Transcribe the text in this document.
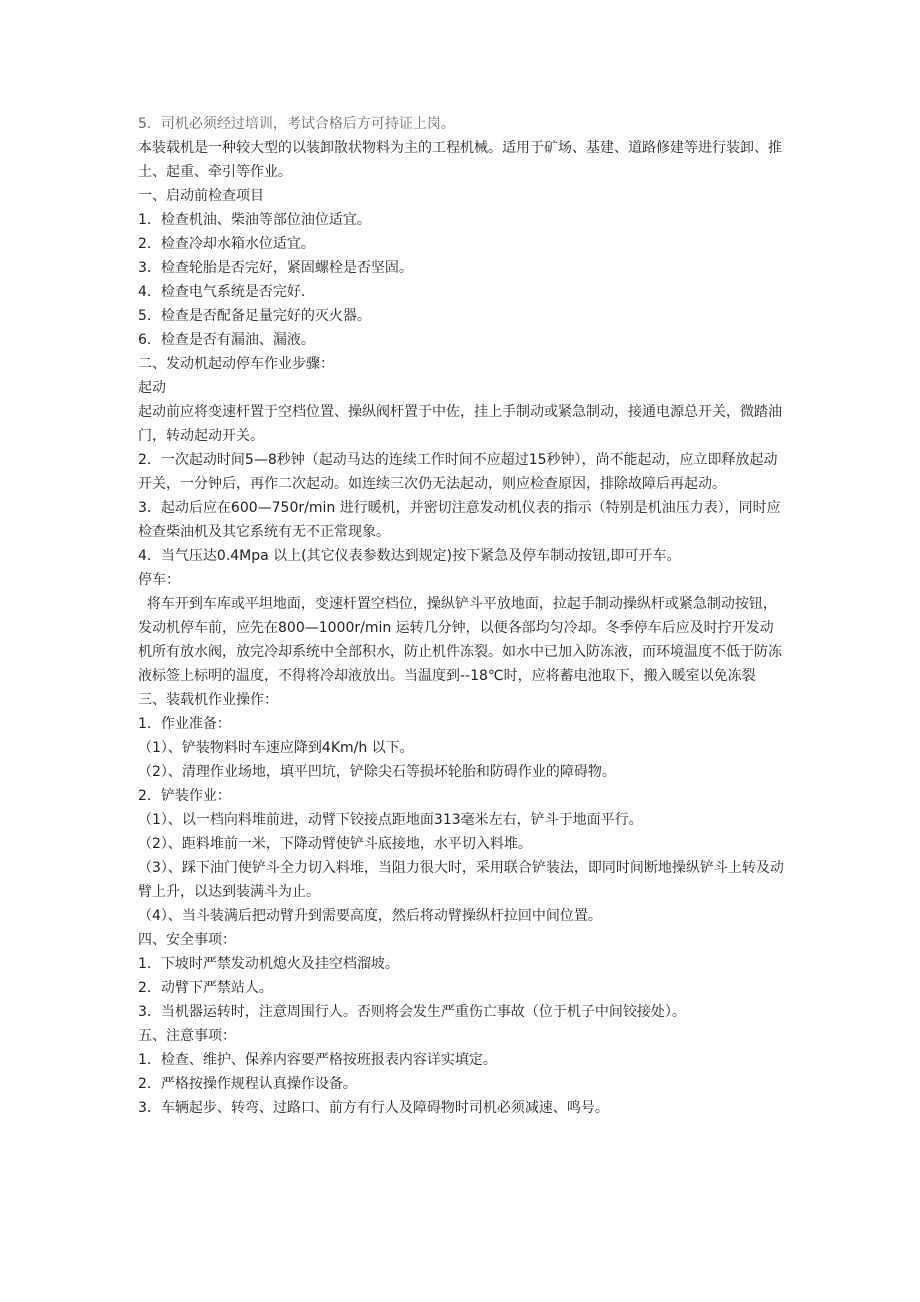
5．司机必须经过培训，考试合格后方可持证上岗。

本装载机是一种较大型的以装卸散状物料为主的工程机械。适用于矿场、基建、道路修建等进行装卸、推土、起重、牵引等作业。

一、启动前检查项目

1．检查机油、柴油等部位油位适宜。

2．检查冷却水箱水位适宜。

3．检查轮胎是否完好，紧固螺栓是否坚固。

4．检查电气系统是否完好.

5．检查是否配备足量完好的灭火器。

6．检查是否有漏油、漏液。

二、发动机起动停车作业步骤：

起动

起动前应将变速杆置于空档位置、操纵阀杆置于中佐，挂上手制动或紧急制动，接通电源总开关，微踏油门，转动起动开关。

2．一次起动时间5—8秒钟（起动马达的连续工作时间不应超过15秒钟），尚不能起动，应立即释放起动开关，一分钟后，再作二次起动。如连续三次仍无法起动，则应检查原因，排除故障后再起动。

3．起动后应在600—750r/min 进行暖机，并密切注意发动机仪表的指示（特别是机油压力表），同时应检查柴油机及其它系统有无不正常现象。

4．当气压达0.4Mpa 以上(其它仪表参数达到规定)按下紧急及停车制动按钮,即可开车。

停车：

将车开到车库或平坦地面，变速杆置空档位，操纵铲斗平放地面，拉起手制动操纵杆或紧急制动按钮，发动机停车前，应先在800—1000r/min 运转几分钟，以便各部均匀冷却。冬季停车后应及时拧开发动机所有放水阀，放完冷却系统中全部积水，防止机件冻裂。如水中已加入防冻液，而环境温度不低于防冻液标签上标明的温度，不得将冷却液放出。当温度到--18℃时，应将蓄电池取下，搬入暖室以免冻裂

三、装载机作业操作：

1．作业准备：

（1）、铲装物料时车速应降到4Km/h 以下。

（2）、清理作业场地，填平凹坑，铲除尖石等损坏轮胎和防碍作业的障碍物。

2．铲装作业：

（1）、以一档向料堆前进，动臂下铰接点距地面313毫米左右，铲斗于地面平行。

（2）、距料堆前一米，下降动臂使铲斗底接地，水平切入料堆。

（3）、踩下油门使铲斗全力切入料堆，当阻力很大时，采用联合铲装法，即同时间断地操纵铲斗上转及动臂上升，以达到装满斗为止。

（4）、当斗装满后把动臂升到需要高度，然后将动臂操纵杆拉回中间位置。

四、安全事项：

1．下坡时严禁发动机熄火及挂空档溜坡。

2．动臂下严禁站人。

3．当机器运转时，注意周围行人。否则将会发生严重伤亡事故（位于机子中间铰接处）。

五、注意事项：

1．检查、维护、保养内容要严格按班报表内容详实填定。

2．严格按操作规程认真操作设备。

3．车辆起步、转弯、过路口、前方有行人及障碍物时司机必须减速、鸣号。
